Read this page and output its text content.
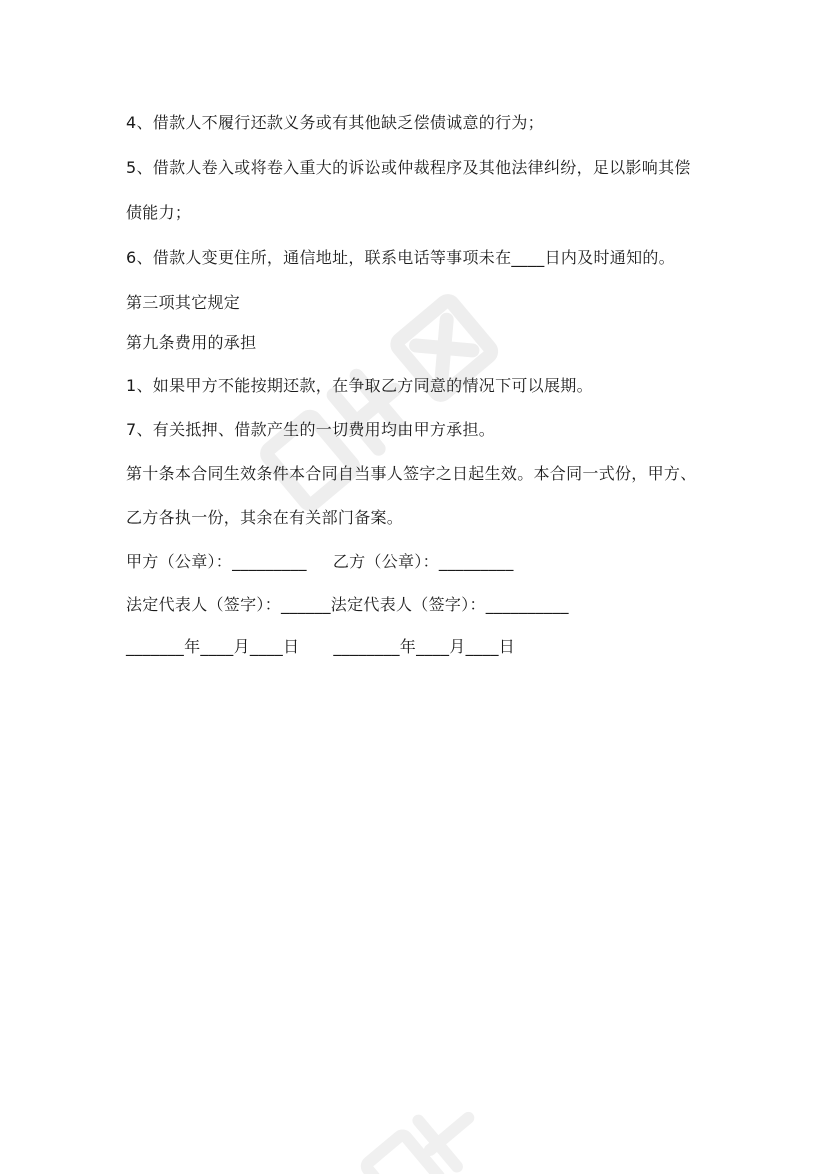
4、借款人不履行还款义务或有其他缺乏偿债诚意的行为；
5、借款人卷入或将卷入重大的诉讼或仲裁程序及其他法律纠纷，足以影响其偿
债能力；
6、借款人变更住所，通信地址，联系电话等事项未在____日内及时通知的。
第三项其它规定
第九条费用的承担
1、如果甲方不能按期还款，在争取乙方同意的情况下可以展期。
7、有关抵押、借款产生的一切费用均由甲方承担。
第十条本合同生效条件本合同自当事人签字之日起生效。本合同一式份，甲方、
乙方各执一份，其余在有关部门备案。
甲方（公章）：_________ 乙方（公章）：_________
法定代表人（签字）：______法定代表人（签字）：__________
_______年____月____日 ________年____月____日
